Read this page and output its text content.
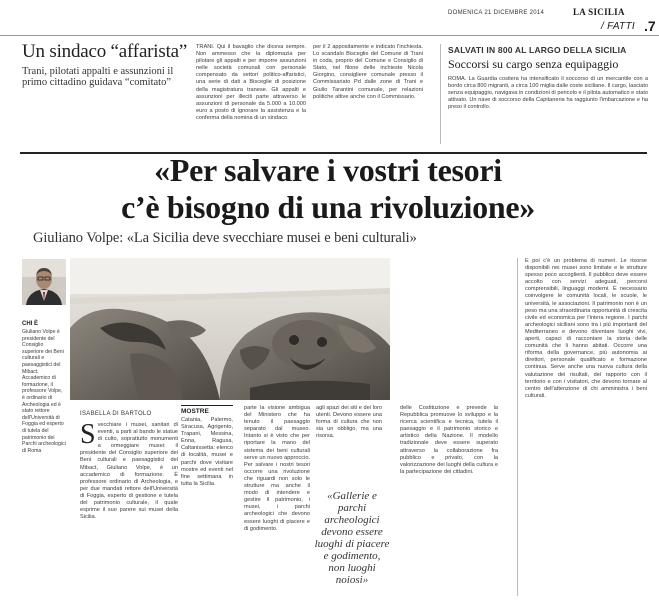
DOMENICA 21 DICEMBRE 2014	LA SICILIA
/ FATTI .7
Un sindaco “affarista”

Trani, pilotati appalti e assunzioni il primo cittadino guidava “comitato”

TRANI. Qui il bavaglio che diceva sempre. Non ammesso che la diplomazia per pilotare gli appalti e per imporre assunzioni nelle società comunali con personale compensato da settori politico-affaristici, una serie di dati a Bisceglie di posizione della magistratura tranese. Gli appalti e assunzioni per illeciti parte attraverso le assunzioni di personale da 5.000 a 10.000 euro a posto di ignorare la assistenza e la conferma della nomina di un sindaco.

per il 2 appositamente e indicato l'inchiesta. Lo scandalo Bisceglie del Comune di Trani in coda, proprio del Comune e Consiglio di Stato, nel filone delle inchieste Nicola Giorgino, consigliere comunale presso il Commissariato Pd dalle zone di Trani e Giulio Tarantini comunale, per relazioni politiche attive anche con il Commissario.

SALVATI IN 800 AL LARGO DELLA SICILIA
Soccorsi su cargo senza equipaggio

ROMA. La Guardia costiera ha intensificato il soccorso di un mercantile con a bordo circa 800 migranti, a circa 100 miglia dalle coste siciliane. Il cargo, lasciato senza equipaggio, navigava in condizioni di pericolo e il pilota automatico e stato attivato. Un nave di soccorso della Capitaneria ha raggiunto l'imbarcazione e ha preso il controllo.

«Per salvare i vostri tesori
c’è bisogno di una rivoluzione»
Giuliano Volpe: «La Sicilia deve svecchiare musei e beni culturali»
CHI È

Giuliano Volpe è presidente del Consiglio superiore dei Beni culturali e paesaggistici del Mibact. Accademico di formazione, il professore Volpe, è ordinario di Archeologia ed è stato rettore dell'Università di Foggia ed esperto di tutela del patrimonio dei Parchi archeologici di Roma

ISABELLA DI BARTOLO
S vecchiare i musei, sanitari di eventi, a parti al bando le statue di culto, soprattutto monumenti a ormeggiare musei: il presidente del Consiglio superiore dei Beni culturali e paesaggistici del Mibact, Giuliano Volpe, è un accademico di formazione. È professore ordinario di Archeologia, e per due mandati rettore dell'Università di Foggia, esperto di gestione e tutela del patrimonio culturale, il quale esprime il suo parere sui musei della Sicilia.
MOSTRE

Catania, Palermo, Siracusa, Agrigento, Trapani, Messina, Enna, Ragusa, Caltanissetta: elenco di località, musei e parchi dove visitare mostre ed eventi nel fine settimana in tutta la Sicilia.

parte la visione ambigua del Ministero che ha tenuto il paesaggio separato dal museo. Intanto si è visto che per riportare la mano del sistema dei beni culturali serve un nuovo approccio. Per salvare i nostri tesori occorre una rivoluzione che riguardi non solo le strutture ma anche il modo di intendere e gestire il patrimonio, i musei, i parchi archeologici che devono essere luoghi di piacere e di godimento.

agli spazi dei siti e dei loro utenti. Devono essere una forma di cultura che non sia un obbligo, ma una risorsa.

«Gallerie e parchi archeologici devono essere luoghi di piacere e godimento, non luoghi noiosi»

delle Costituzione e prevede la Repubblica promuove lo sviluppo e la ricerca scientifica e tecnica, tutela il paesaggio e il patrimonio storico e artistico della Nazione. Il modello tradizionale deve essere superato attraverso la collaborazione fra pubblico e privato, con la valorizzazione dei luoghi della cultura e la partecipazione dei cittadini.

E poi c'è un problema di numeri. Le risorse disponibili nei musei sono limitate e le strutture spesso poco accoglienti. Il pubblico deve essere accolto con servizi adeguati, percorsi comprensibili, linguaggi moderni. È necessario coinvolgere le comunità locali, le scuole, le università, le associazioni. Il patrimonio non è un peso ma una straordinaria opportunità di crescita civile ed economica per l'intera regione. I parchi archeologici siciliani sono tra i più importanti del Mediterraneo e devono diventare luoghi vivi, aperti, capaci di raccontare la storia delle comunità che li hanno abitati. Occorre una riforma della governance, più autonomia ai direttori, personale qualificato e formazione continua. Serve anche una nuova cultura della valutazione dei risultati, del rapporto con il territorio e con i visitatori, che devono tornare al centro dell'attenzione di chi amministra i beni culturali.
